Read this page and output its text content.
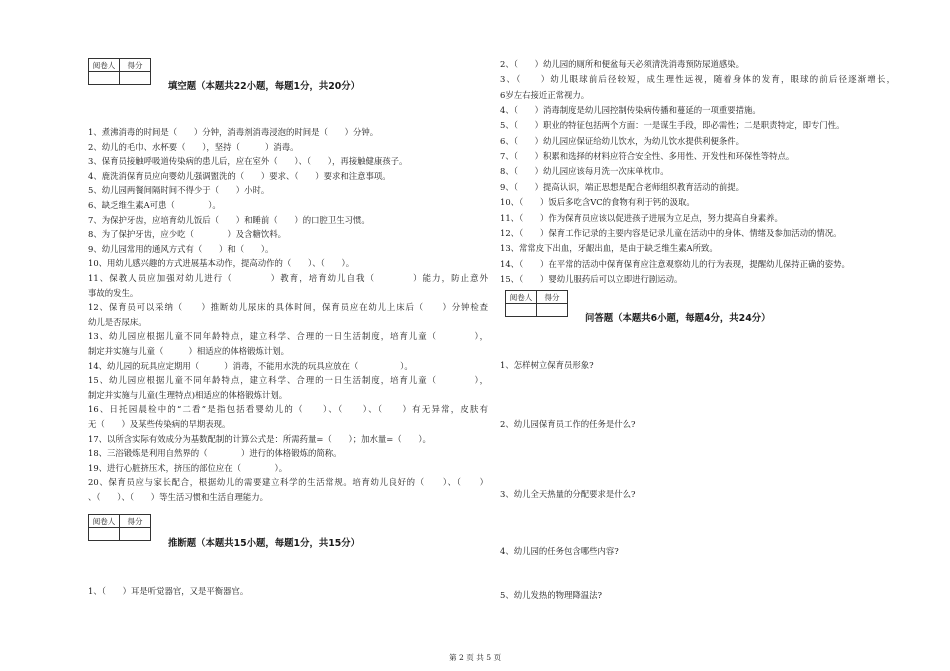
阅卷人	得分

填空题（本题共22小题，每题1分，共20分）
1、煮沸消毒的时间是（　　）分钟，消毒剂消毒浸泡的时间是（　　）分钟。
2、幼儿的毛巾、水杯要（　　），坚持（　　　）消毒。
3、保育员接触呼吸道传染病的患儿后，应在室外（　　）、（　　），再接触健康孩子。
4、鹿洗消保育员应向婴幼儿强调盥洗的（　　）要求、（　　）要求和注意事项。
5、幼儿园两餐间隔时间不得少于（　　）小时。
6、缺乏维生素A可患（　　　　）。
7、为保护牙齿，应培育幼儿饭后（　　）和睡前（　　）的口腔卫生习惯。
8、为了保护牙齿，应少吃（　　　　）及含糖饮料。
9、幼儿园常用的通风方式有（　　）和（　　）。
10、用幼儿感兴趣的方式进展基本动作，提高动作的（　　）、（　　）。
11、保教人员应加强对幼儿进行（　　　　）教育，培育幼儿自我（　　　　）能力，防止意外
事故的发生。
12、保育员可以采纳（　　）推断幼儿尿床的具体时间，保育员应在幼儿上床后（　　）分钟检查
幼儿是否尿床。
13、幼儿园应根据儿童不同年龄特点，建立科学、合理的一日生活制度，培育儿童（　　　　），
制定并实施与儿童（　　　）相适应的体格锻炼计划。
14、幼儿园的玩具应定期用（　　　）消毒，不能用水洗的玩具应放在（　　　　　）。
15、幼儿园应根据儿童不同年龄特点，建立科学、合理的一日生活制度，培育儿童（　　　　），
制定并实施与儿童(生理特点)相适应的体格锻炼计划。
16、日托园晨检中的“二看”是指包括看婴幼儿的（　　）、（　　）、（　　）有无异常，皮肤有
无（　　）及某些传染病的早期表现。
17、以所含实际有效成分为基数配制的计算公式是：所需药量=（　　）；加水量=（　　）。
18、三浴锻炼是利用自然界的（　　　　）进行的体格锻炼的简称。
19、进行心脏挤压术，挤压的部位应在（　　　　）。
20、保育员应与家长配合，根据幼儿的需要建立科学的生活常规。培育幼儿良好的（　　）、（　　）
、（　　）、（　　）等生活习惯和生活自理能力。
阅卷人	得分

推断题（本题共15小题，每题1分，共15分）
1、（　　）耳是听觉器官，又是平衡器官。
2、（　　）幼儿园的厕所和便盆每天必须清洗消毒预防尿道感染。
3、（　　）幼儿眼球前后径较短，成生理性远视，随着身体的发育，眼球的前后径逐渐增长，
6岁左右接近正常视力。
4、（　　）消毒制度是幼儿园控制传染病传播和蔓延的一项重要措施。
5、（　　）职业的特征包括两个方面：一是谋生手段，即必需性；二是职责特定，即专门性。
6、（　　）幼儿园应保证给幼儿饮水，为幼儿饮水提供利便条件。
7、（　　）积累和选择的材料应符合安全性、多用性、开发性和环保性等特点。
8、（　　）幼儿园应该每月洗一次床单枕巾。
9、（　　）提高认识，端正思想是配合老师组织教育活动的前提。
10、（　　）饭后多吃含VC的食物有利于钙的汲取。
11、（　　）作为保育员应该以促进孩子进展为立足点，努力提高自身素养。
12、（　　）保育工作记录的主要内容是记录儿童在活动中的身体、情绪及参加活动的情况。
13、常常皮下出血，牙龈出血，是由于缺乏维生素A所致。
14、（　　）在平常的活动中保育保育应注意观察幼儿的行为表现，提醒幼儿保持正确的姿势。
15、（　　）婴幼儿服药后可以立即进行剧运动。
阅卷人	得分

问答题（本题共6小题，每题4分，共24分）
1、怎样树立保育员形象?
2、幼儿园保育员工作的任务是什么?
3、幼儿全天热量的分配要求是什么?
4、幼儿园的任务包含哪些内容?
5、幼儿发热的物理降温法?
第 2 页 共 5 页
